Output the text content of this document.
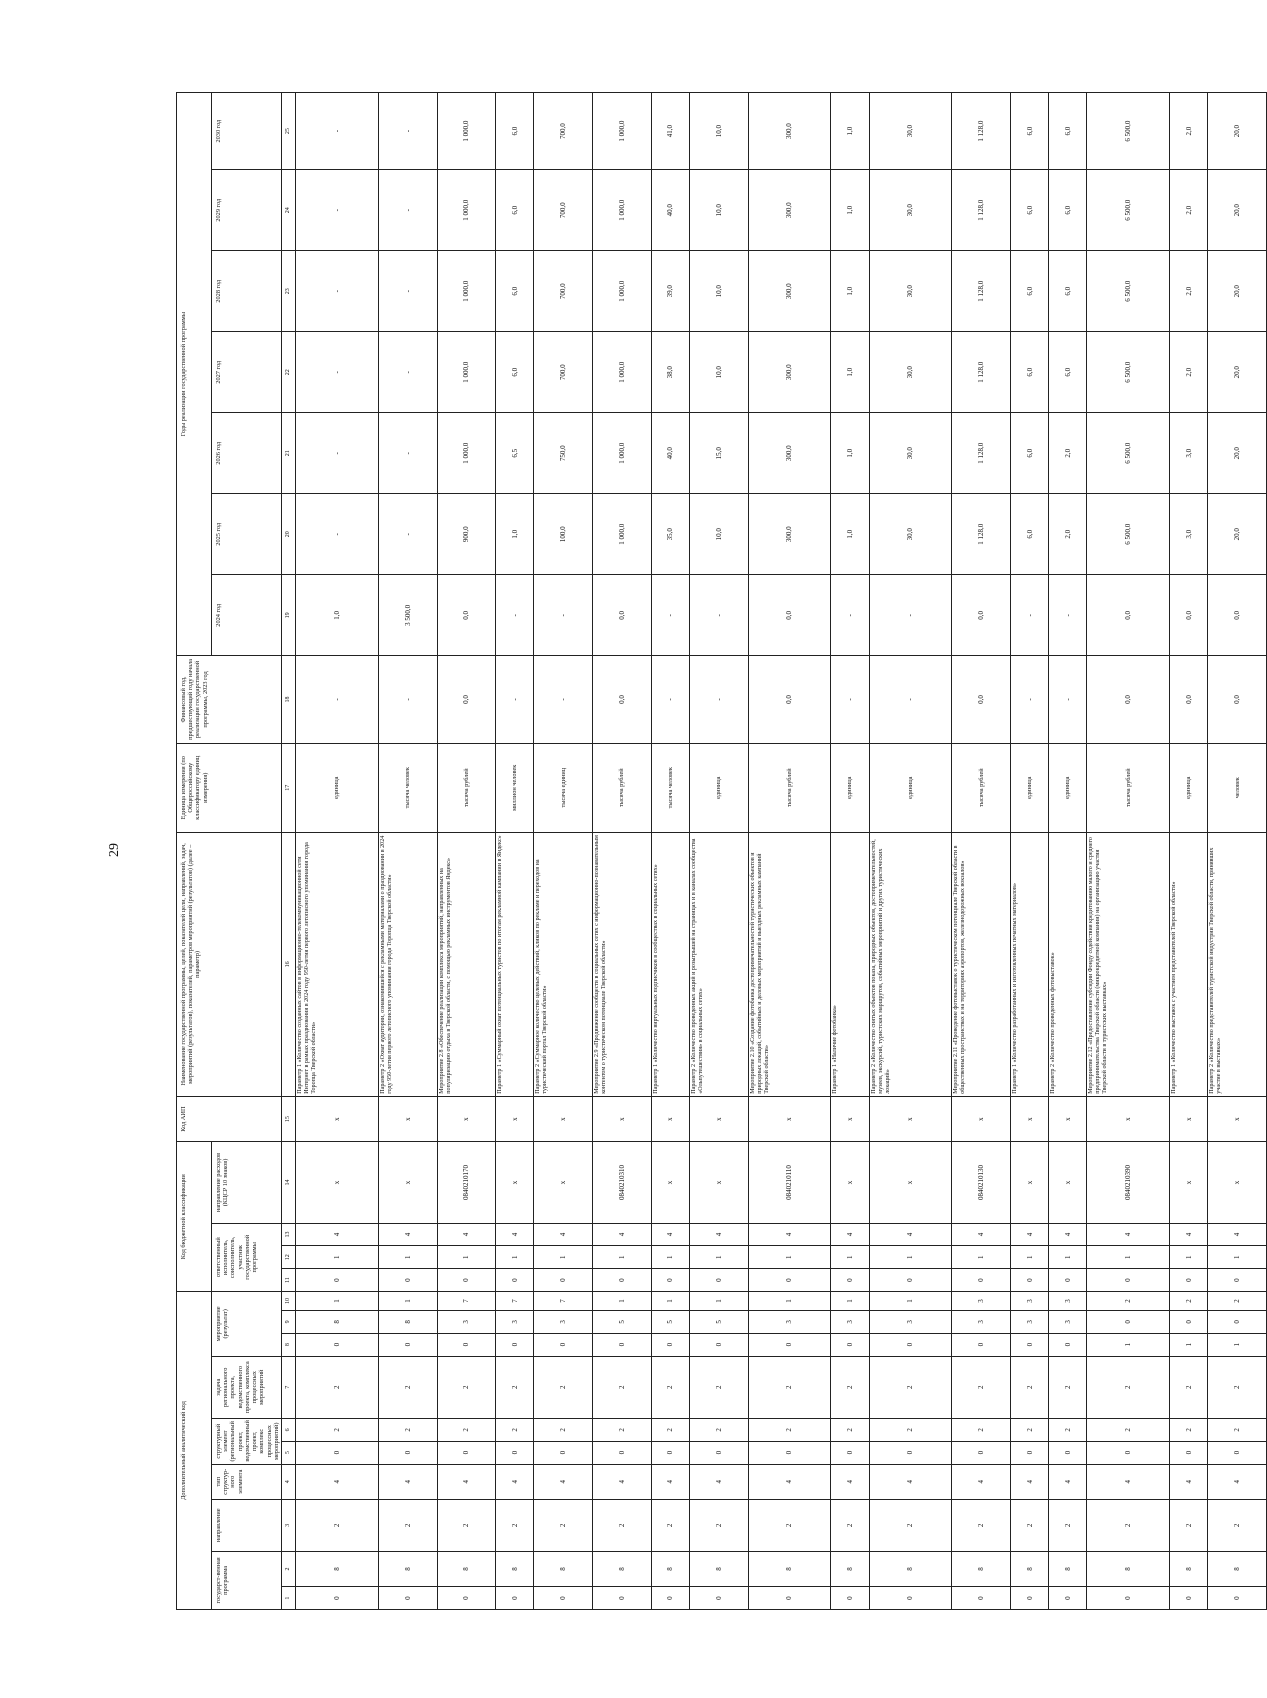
29
Дополнительный аналитический код										Код бюджетной классификации				Код АИП	Наименование государственной программы, целей, показателей цели, направлений, задач, мероприятий (результатов), показателей, параметров мероприятий (результатов) (далее – параметр)	Единица измерения (по Общероссийскому классификатору единиц измерения)	Финансовый год, предшествующий году начала реализации государственной программы, 2023 год	Годы реализации государственной программы						
государст-венная программа		направление	тип структур-ного элемента	структурный элемент (региональный проект, ведомственный проект, комплекс процессных мероприятий)		задача регионального проекта, ведомственного проекта, комплекса процессных мероприятий	мероприятие (результат)			ответственный исполнитель, соисполнитель, участник государственной программы			направление расходов (КЦСР 10 знаков)											
																		2024 год	2025 год	2026 год	2027 год	2028 год	2029 год	2030 год
1	2	3	4	5	6	7	8	9	10	11	12	13	14	15	16	17	18	19	20	21	22	23	24	25
0	8	2	4	0	2	2	0	8	1	0	1	4	х	х	Параметр 1 «Количество созданных сайтов в информационно-телекоммуникационной сети Интернет в рамках празднования в 2024 году 950-летия первого летописного упоминания города Торопца Тверской области»	единица	-	1,0	-	-	-	-	-	-
0	8	2	4	0	2	2	0	8	1	0	1	4	х	х	Параметр 2 «Охват аудитории, ознакомившейся с рекламными материалами о праздновании в 2024 году 950-летия первого летописного упоминания города Торопца Тверской области»	тысяча человек	-	3 500,0	-	-	-	-	-	-
0	8	2	4	0	2	2	0	3	7	0	1	4	0840210170	х	Мероприятие 2.8 «Обеспечение реализации комплекса мероприятий, направленных на популяризацию отдыха в Тверской области, с помощью рекламных инструментов Яндекс»	тысяча рублей	0,0	0,0	900,0	1 000,0	1 000,0	1 000,0	1 000,0	1 000,0
0	8	2	4	0	2	2	0	3	7	0	1	4	х	х	Параметр 1 «Суммарный охват потенциальных туристов по итогам рекламной кампании в Яндекс»	миллион человек	-	-	1,0	6,5	6,0	6,0	6,0	6,0
0	8	2	4	0	2	2	0	3	7	0	1	4	х	х	Параметр 2 «Суммарное количество целевых действий, кликов по рекламе и переходов на туристический портал Тверской области»	тысяча единиц	-	-	100,0	750,0	700,0	700,0	700,0	700,0
0	8	2	4	0	2	2	0	5	1	0	1	4	0840210310	х	Мероприятие 2.9 «Продвижение сообществ в социальных сетях с информационно-познавательным контентом о туристическом потенциале Тверской области»	тысяча рублей	0,0	0,0	1 000,0	1 000,0	1 000,0	1 000,0	1 000,0	1 000,0
0	8	2	4	0	2	2	0	5	1	0	1	4	х	х	Параметр 1 «Количество виртуальных подписчиков в сообществах в социальных сетях»	тысяча человек	-	-	35,0	40,0	38,0	39,0	40,0	41,0
0	8	2	4	0	2	2	0	5	1	0	1	4	х	х	Параметр 2 «Количество проведенных акций и розыгрышей на страницах и в каналах сообщества «Ольпутешествия» в социальных сетях»	единица	-	-	10,0	15,0	10,0	10,0	10,0	10,0
0	8	2	4	0	2	2	0	3	1	0	1	4	0840210110	х	Мероприятие 2.10 «Создание фотобанка достопримечательностей туристических объектов и природных локаций, событийных и деловых мероприятий и выездных рекламных кампаний Тверской области»	тысяча рублей	0,0	0,0	300,0	300,0	300,0	300,0	300,0	300,0
0	8	2	4	0	2	2	0	3	1	0	1	4	х	х	Параметр 1 «Наличие фотобанка»	единица	-	-	1,0	1,0	1,0	1,0	1,0	1,0
0	8	2	4	0	2	2	0	3	1	0	1	4	х	х	Параметр 2 «Количество снятых объектов показа, природных объектов, достопримечательностей, музеев, экскурсий, туристских маршрутов, событийных мероприятий и других туристических локаций»	единица	-	-	30,0	30,0	30,0	30,0	30,0	30,0
0	8	2	4	0	2	2	0	3	3	0	1	4	0840210130	х	Мероприятие 2.11 «Проведение фотовыставок о туристическом потенциале Тверской области в общественных пространствах и на территориях аэропортов, железнодорожных вокзалов»	тысяча рублей	0,0	0,0	1 128,0	1 128,0	1 128,0	1 128,0	1 128,0	1 128,0
0	8	2	4	0	2	2	0	3	3	0	1	4	х	х	Параметр 1 «Количество разработанных и изготовленных печатных материалов»	единица	-	-	6,0	6,0	6,0	6,0	6,0	6,0
0	8	2	4	0	2	2	0	3	3	0	1	4	х	х	Параметр 2 «Количество проведенных фотовыставок»	единица	-	-	2,0	2,0	6,0	6,0	6,0	6,0
0	8	2	4	0	2	2	1	0	2	0	1	4	0840210390	х	Мероприятие 2.12 «Предоставление субсидии Фонду содействия кредитованию малого и среднего предпринимательства Тверской области (микрокредитной компании) на организацию участия Тверской области в туристских выставках»	тысяча рублей	0,0	0,0	6 500,0	6 500,0	6 500,0	6 500,0	6 500,0	6 500,0
0	8	2	4	0	2	2	1	0	2	0	1	4	х	х	Параметр 1 «Количество выставок с участием представителей Тверской области»	единица	0,0	0,0	3,0	3,0	2,0	2,0	2,0	2,0
0	8	2	4	0	2	2	1	0	2	0	1	4	х	х	Параметр 2 «Количество представителей туристской индустрии Тверской области, принявших участие в выставках»	человек	0,0	0,0	20,0	20,0	20,0	20,0	20,0	20,0
